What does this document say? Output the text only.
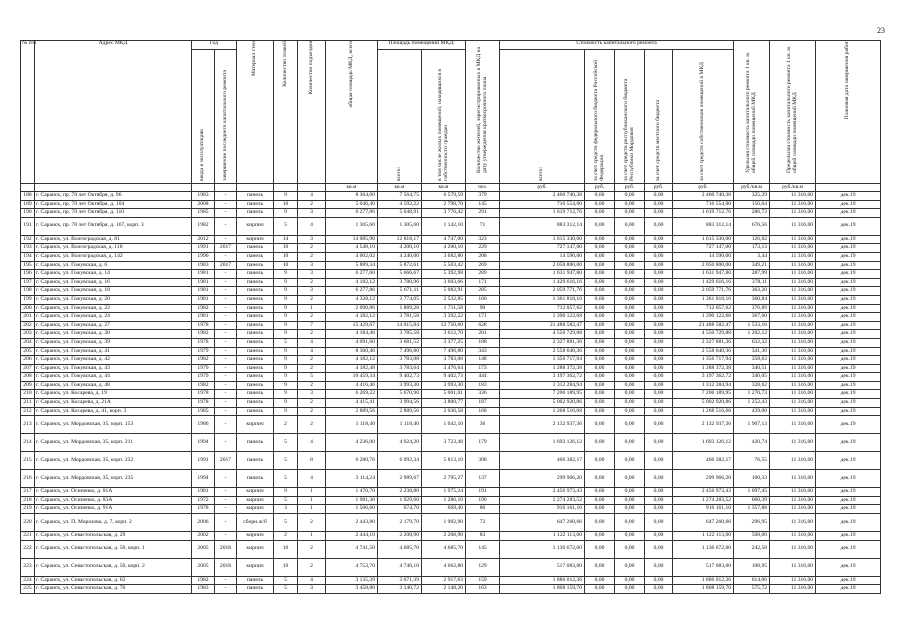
23
№ п/п	Адрес МКД	Год		Материал стен	Количество этажей	Количество подъездов	общая площадь МКД, всего	Площадь помещений МКД:		Количество жителей, зарегистрированных в МКД на дату утверждения краткосрочного плана	Стоимость капитального ремонта					Удельная стоимость капитального ремонта 1 кв. м. общей площади помещений МКД	Предельная стоимость капитального ремонта 1 кв. м. общей площади помещений МКД	Плановая дата завершения работ

		ввода в эксплуатацию	завершение последнего капитального ремонта					всего:	в том числе жилых помещений, находящихся в собственности граждан		всего:	за счет средств федерального бюджета Российской Федерации	за счет средств республиканского бюджета Республики Мордовия	за счет средств местного бюджета	за счет средств собственников помещений в МКД			

							кв.м	кв.м	кв.м	чел.	руб.	руб.	руб.	руб.	руб.	руб./кв.м	руб./кв.м	
188	г. Саранск, пр. 70 лет Октября, д. 96	1983	-	панель	9	4	8 364,60	7 564,75	6 579,59	379	2 460 740,38	0,00	0,00	0,00	2 460 740,38	325,29	11 316,00	дек.19
189	г. Саранск, пр. 70 лет Октября, д. 104	2008	-	панель	10	2	5 046,40	4 592,22	2 798,70	145	716 554,00	0,00	0,00	0,00	716 554,00	156,04	11 316,00	дек.19
190	г. Саранск, пр. 70 лет Октября, д. 110	1985	-	панель	9	3	6 277,86	5 648,91	3 776,42	291	1 619 712,76	0,00	0,00	0,00	1 619 712,76	286,73	11 316,00	дек.19
191	г. Саранск, пр. 70 лет Октября, д. 167, корп. 3	1982	-	кирпич	5	4	1 305,60	1 305,60	1 142,10	71	883 312,14	0,00	0,00	0,00	883 312,14	676,56	11 316,00	дек.19
192	г. Саранск, ул. Волгоградская, д. 81	2012	-	кирпич	14	3	14 085,90	12 818,17	4 747,00	323	1 615 330,00	0,00	0,00	0,00	1 615 330,00	126,02	11 316,00	дек.19
193	г. Саранск, ул. Волгоградская, д. 118	1991	2017	панель	10	2	4 548,10	4 200,10	4 200,10	229	727 147,00	0,00	0,00	0,00	727 147,00	173,13	11 316,00	дек.19
194	г. Саранск, ул. Волгоградская, д. 142	1990	-	панель	10	2	4 602,02	4 240,00	3 682,80	208	14 590,00	0,00	0,00	0,00	14 590,00	3,44	11 316,00	дек.19
195	г. Саранск, ул. Гожувская, д. 6	1983	2017	панель	10	3	5 889,34	5 872,61	5 503,42	269	2 050 800,00	0,00	0,00	0,00	2 050 800,00	349,21	11 316,00	дек.19
196	г. Саранск, ул. Гожувская, д. 14	1981	-	панель	9	3	6 277,60	5 666,67	5 392,98	289	1 631 947,80	0,00	0,00	0,00	1 631 947,80	287,99	11 316,00	дек.19
197	г. Саранск, ул. Гожувская, д. 16	1981	-	панель	9	2	4 182,12	3 780,96	3 603,66	171	1 429 616,16	0,00	0,00	0,00	1 429 616,16	378,11	11 316,00	дек.19
198	г. Саранск, ул. Гожувская, д. 18	1981	-	панель	9	3	6 277,86	5 671,11	5 082,91	285	2 059 771,76	0,00	0,00	0,00	2 059 771,76	363,20	11 316,00	дек.19
199	г. Саранск, ул. Гожувская, д. 20	1981	-	панель	9	2	4 328,12	3 774,05	2 532,85	166	1 361 818,16	0,00	0,00	0,00	1 361 818,16	360,84	11 316,00	дек.19
200	г. Саранск, ул. Гожувская, д. 22	1982	-	панель	9	1	2 090,86	1 889,28	1 711,58	90	712 057,62	0,00	0,00	0,00	712 057,62	376,89	11 316,00	дек.19
201	г. Саранск, ул. Гожувская, д. 24	1981	-	панель	9	2	4 182,12	3 781,58	3 392,22	171	1 390 122,68	0,00	0,00	0,00	1 390 122,68	367,60	11 316,00	дек.19
202	г. Саранск, ул. Гожувская, д. 27	1978	-	панель	9	7	15 429,67	14 015,84	12 750,60	628	21 488 582,47	0,00	0,00	0,00	21 488 582,47	1 533,16	11 316,00	дек.19
203	г. Саранск, ул. Гожувская, д. 30	1982	-	панель	9	2	4 184,46	3 785,58	3 612,70	201	4 550 729,88	0,00	0,00	0,00	4 550 729,88	1 202,12	11 316,00	дек.19
204	г. Саранск, ул. Гожувская, д. 39	1978	-	панель	5	4	4 091,60	3 681,52	3 377,25	188	2 327 881,36	0,00	0,00	0,00	2 327 881,36	632,32	11 316,00	дек.19
205	г. Саранск, ул. Гожувская, д. 41	1979	-	панель	9	4	8 360,46	7 496,80	7 496,80	343	2 558 640,36	0,00	0,00	0,00	2 558 640,36	341,30	11 316,00	дек.19
206	г. Саранск, ул. Гожувская, д. 42	1982	-	панель	9	2	4 182,12	3 783,08	3 783,08	148	1 356 717,94	0,00	0,00	0,00	1 356 717,94	358,63	11 316,00	дек.19
207	г. Саранск, ул. Гожувская, д. 43	1979	-	панель	9	2	4 182,48	3 783,64	3 476,64	173	1 288 372,38	0,00	0,00	0,00	1 288 372,38	340,51	11 316,00	дек.19
208	г. Саранск, ул. Гожувская, д. 44	1979	-	панель	9	5	10 459,34	9 402,73	9 402,73	444	3 197 362,72	0,00	0,00	0,00	3 197 362,72	340,05	11 316,00	дек.19
209	г. Саранск, ул. Гожувская, д. 48	1982	-	панель	9	2	4 416,46	3 993,30	3 993,30	183	1 312 284,94	0,00	0,00	0,00	1 312 284,94	328,62	11 316,00	дек.19
210	г. Саранск, ул. Косарева, д. 19	1978	-	панель	9	3	6 269,22	5 670,90	5 001,01	336	7 206 189,95	0,00	0,00	0,00	7 206 189,95	1 270,73	11 316,00	дек.19
211	г. Саранск, ул. Косарева, д. 21А	1978	-	панель	9	2	4 415,41	3 994,56	3 800,77	187	5 002 920,86	0,00	0,00	0,00	5 002 920,86	1 252,43	11 316,00	дек.19
212	г. Саранск, ул. Косарева, д. 41, корп. 3	1985	-	панель	9	2	2 889,56	2 889,56	2 036,58	168	1 268 516,68	0,00	0,00	0,00	1 268 516,68	439,00	11 316,00	дек.19
213	г. Саранск, ул. Мордовская, 35, корп. 153	1986	-	кирпич	2	2	1 118,40	1 118,40	1 042,10	36	2 132 937,36	0,00	0,00	0,00	2 132 937,36	1 907,13	11 316,00	дек.19
214	г. Саранск, ул. Мордовская, 35, корп. 211	1994	-	панель	5	4	4 236,00	4 024,20	3 723,48	179	1 693 126,12	0,00	0,00	0,00	1 693 126,12	420,74	11 316,00	дек.19
215	г. Саранск, ул. Мордовская, 35, корп. 232	1991	2017	панель	5	8	6 280,76	6 092,34	5 813,10	308	466 382,17	0,00	0,00	0,00	466 382,17	76,55	11 316,00	дек.19
216	г. Саранск, ул. Мордовская, 35, корп. 235	1994	-	панель	5	4	3 114,24	2 989,67	2 795,27	137	299 966,20	0,00	0,00	0,00	299 966,20	100,33	11 316,00	дек.19
217	г. Саранск, ул. Осипенко, д. 81А	1981	-	кирпич	9	1	1 470,70	2 238,80	1 975,24	191	2 456 973,43	0,00	0,00	0,00	2 456 973,43	1 097,45	11 316,00	дек.19
218	г. Саранск, ул. Осипенко, д. 83А	1972	-	кирпич	5	1	1 981,30	1 929,60	1 286,10	190	1 274 283,52	0,00	0,00	0,00	1 274 283,52	660,39	11 316,00	дек.19
219	г. Саранск, ул. Осипенко, д. 91А	1978	-	кирпич	3	1	1 506,60	674,70	669,40	80	916 161,10	0,00	0,00	0,00	916 161,10	1 357,88	11 316,00	дек.19
220	г. Саранск, ул. П. Морозова, д. 7, корп. 2	2006	-	сборн.ж/б	5	2	2 443,80	2 179,70	1 902,90	72	647 260,66	0,00	0,00	0,00	647 260,66	296,95	11 316,00	дек.19
221	г. Саранск, ул. Севастопольская, д. 29	2002	-	кирпич	2	1	2 444,10	2 208,90	2 208,90	83	1 122 113,00	0,00	0,00	0,00	1 122 113,00	508,00	11 316,00	дек.19
222	г. Саранск, ул. Севастопольская, д. 50, корп. 1	2005	2018	кирпич	10	2	4 741,50	4 685,70	4 685,70	145	1 136 672,00	0,00	0,00	0,00	1 136 672,00	242,58	11 316,00	дек.19
223	г. Саранск, ул. Севастопольская, д. 50, корп. 2	2005	2018	кирпич	10	2	4 753,70	4 746,10	4 662,80	129	517 083,00	0,00	0,00	0,00	517 083,00	108,95	11 316,00	дек.19
224	г. Саранск, ул. Севастопольская, д. 62	1982	-	панель	5	4	3 135,39	3 071,39	2 917,63	159	1 886 012,36	0,00	0,00	0,00	1 886 012,36	614,06	11 316,00	дек.19
225	г. Саранск, ул. Севастопольская, д. 76	1983	-	панель	5	3	3 458,80	3 140,72	2 148,20	163	1 808 159,70	0,00	0,00	0,00	1 808 159,70	575,72	11 316,00	дек.19
